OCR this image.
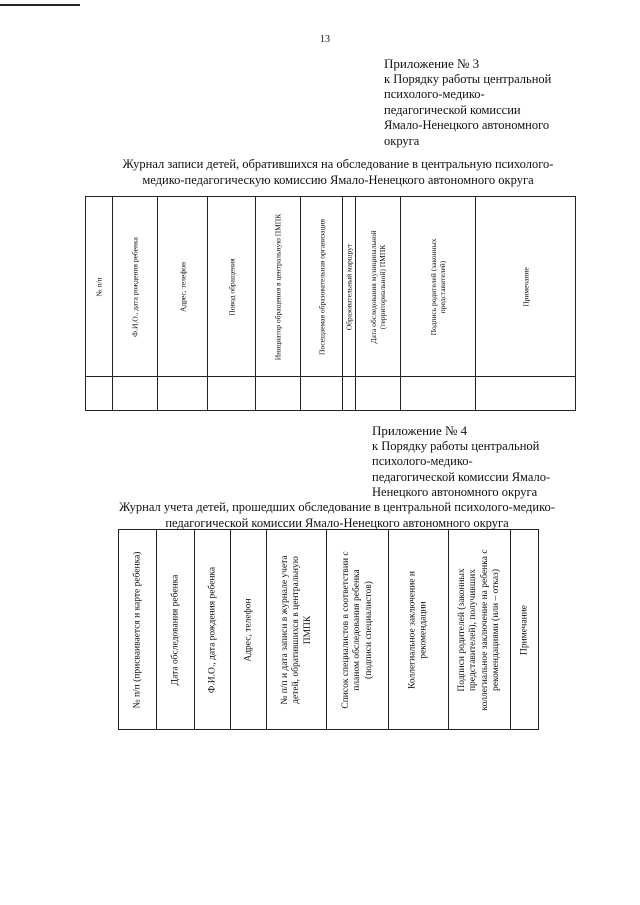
13
Приложение № 3
к Порядку работы центральной
психолого-медико-
педагогической комиссии
Ямало-Ненецкого автономного
округа
Журнал записи детей, обратившихся на обследование в центральную психолого-
медико-педагогическую комиссию Ямало-Ненецкого автономного округа
№ п/п	Ф.И.О., дата рождения ребенка	Адрес, телефон	Повод обращения	Инициатор обращения в центральную ПМПК	Посещаемая образовательная организация	Образовательный маршрут	Дата обследования муниципальной (территориальной) ПМПК	Подпись родителей (законных представителей)	Примечание

Приложение № 4
к Порядку работы центральной
психолого-медико-
педагогической комиссии Ямало-
Ненецкого автономного округа
Журнал учета детей, прошедших обследование в центральной психолого-медико-
педагогической комиссии Ямало-Ненецкого автономного округа
№ п/п (присваивается и карте ребенка)	Дата обследования ребенка	Ф.И.О., дата рождения ребенка	Адрес, телефон	№ п/п и дата записи в журнале учета детей, обратившихся в центральную ПМПК	Список специалистов в соответствии с планом обследования ребенка (подписи специалистов)	Коллегиальное заключение и рекомендации	Подписи родителей (законных представителей), получивших коллегиальное заключение на ребенка с рекомендациями (или – отказ)	Примечание
